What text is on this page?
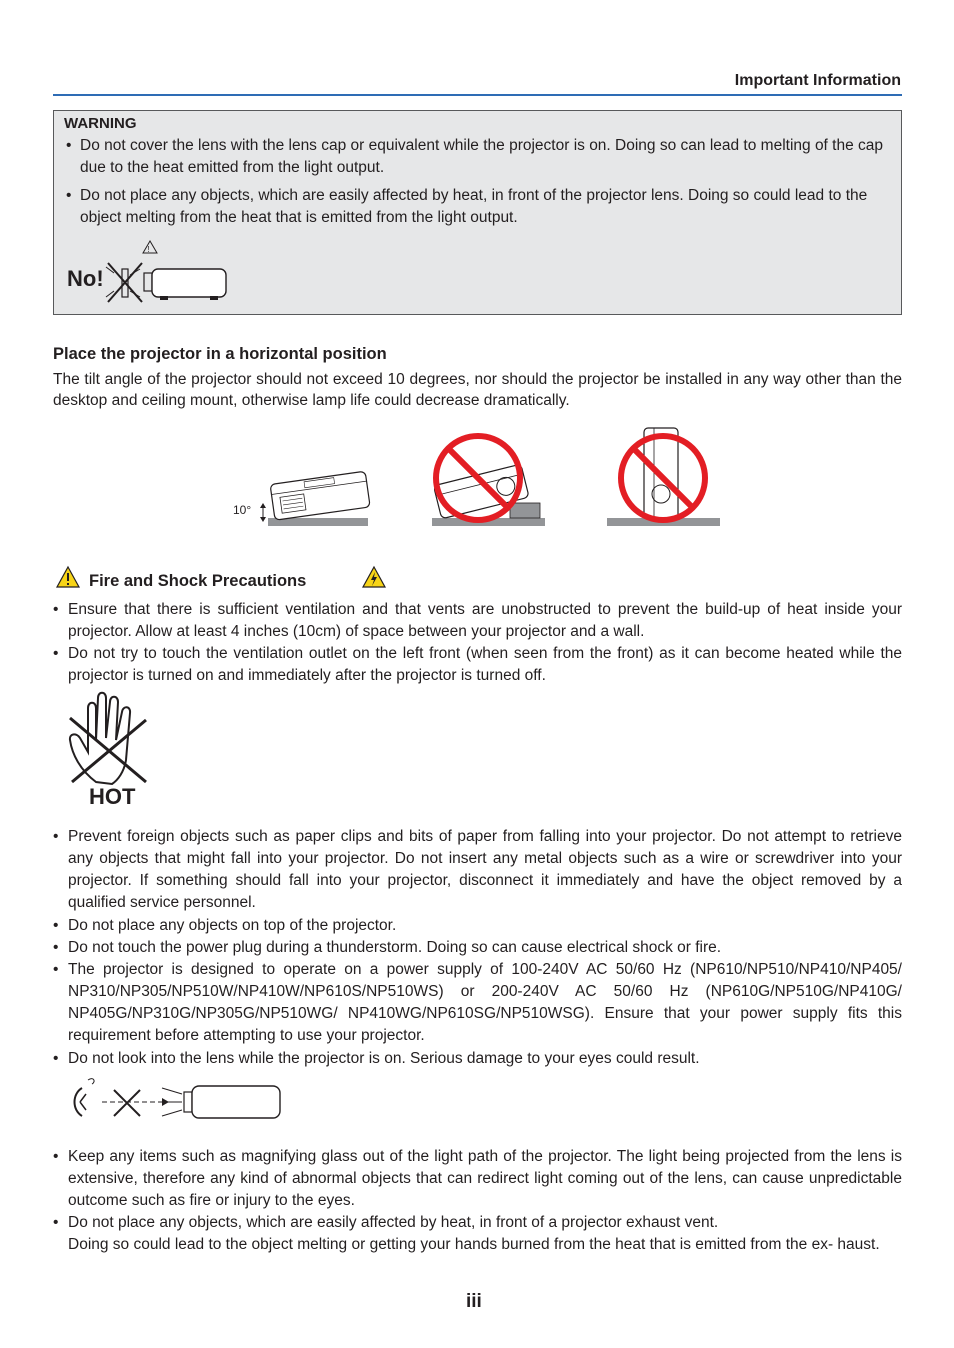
Important Information
WARNING
• Do not cover the lens with the lens cap or equivalent while the projector is on. Doing so can lead to melting of the cap due to the heat emitted from the light output.
• Do not place any objects, which are easily affected by heat, in front of the projector lens. Doing so could lead to the object melting from the heat that is emitted from the light output.
No!
!
Place the projector in a horizontal position
The tilt angle of the projector should not exceed 10 degrees, nor should the projector be installed in any way other than the desktop and ceiling mount, otherwise lamp life could decrease dramatically.
10°
Fire and Shock Precautions
• Ensure that there is sufficient ventilation and that vents are unobstructed to prevent the build-up of heat inside your projector. Allow at least 4 inches (10cm) of space between your projector and a wall.
• Do not try to touch the ventilation outlet on the left front (when seen from the front) as it can become heated while the projector is turned on and immediately after the projector is turned off.
HOT
• Prevent foreign objects such as paper clips and bits of paper from falling into your projector. Do not attempt to retrieve any objects that might fall into your projector. Do not insert any metal objects such as a wire or screwdriver into your projector. If something should fall into your projector, disconnect it immediately and have the object removed by a qualified service personnel.
• Do not place any objects on top of the projector.
• Do not touch the power plug during a thunderstorm. Doing so can cause electrical shock or fire.
• The projector is designed to operate on a power supply of 100-240V AC 50/60 Hz (NP610/NP510/NP410/NP405/ NP310/NP305/NP510W/NP410W/NP610S/NP510WS) or 200-240V AC 50/60 Hz (NP610G/NP510G/NP410G/ NP405G/NP310G/NP305G/NP510WG/ NP410WG/NP610SG/NP510WSG). Ensure that your power supply fits this requirement before attempting to use your projector.
• Do not look into the lens while the projector is on. Serious damage to your eyes could result.
• Keep any items such as magnifying glass out of the light path of the projector. The light being projected from the lens is extensive, therefore any kind of abnormal objects that can redirect light coming out of the lens, can cause unpredictable outcome such as fire or injury to the eyes.
• Do not place any objects, which are easily affected by heat, in front of a projector exhaust vent.
Doing so could lead to the object melting or getting your hands burned from the heat that is emitted from the ex- haust.
iii
